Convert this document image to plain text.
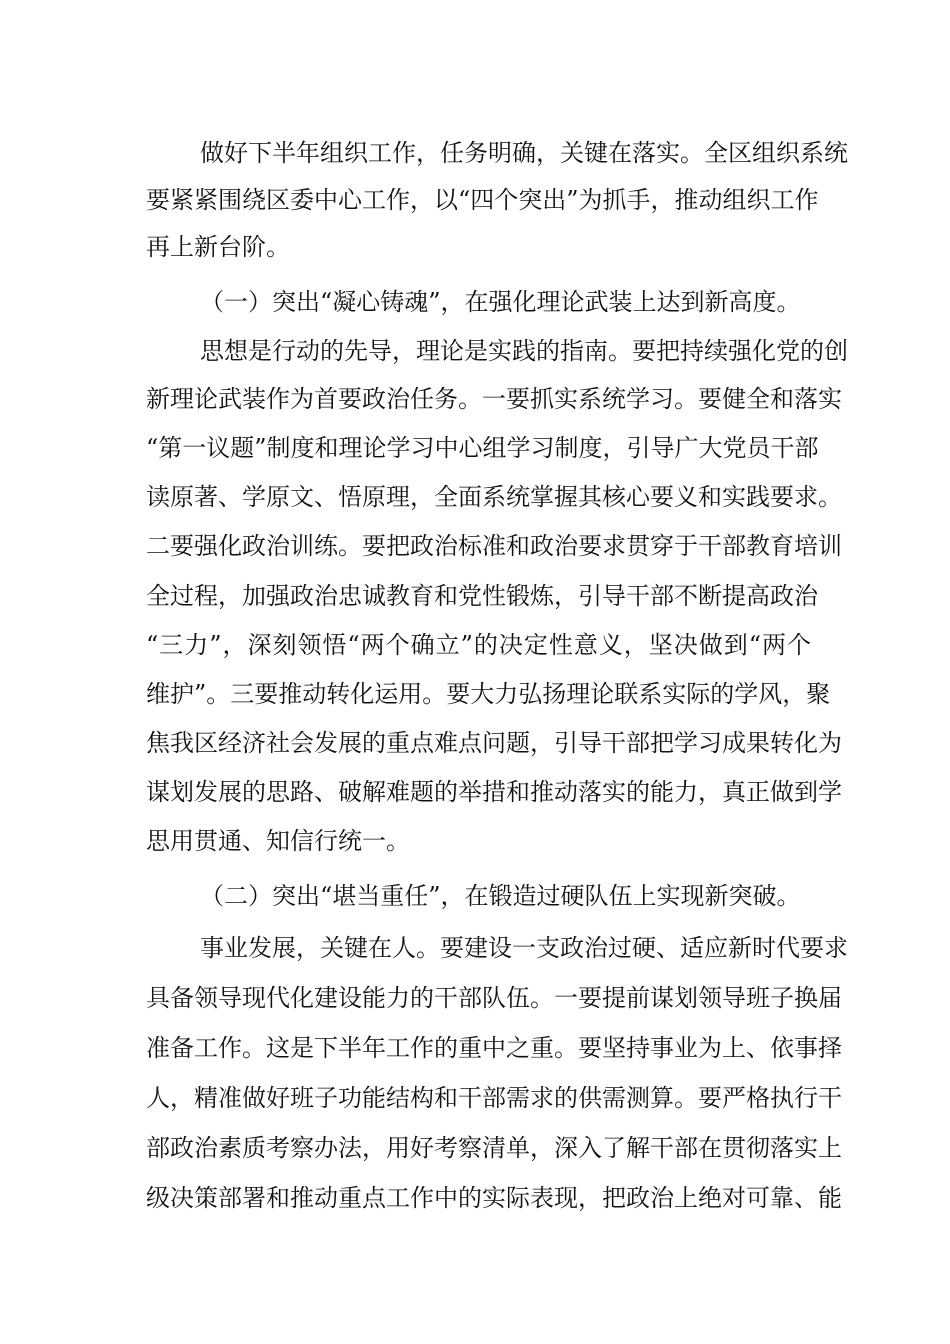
做好下半年组织工作，任务明确，关键在落实。全区组织系统
要紧紧围绕区委中心工作，以“四个突出”为抓手，推动组织工作
再上新台阶。
（一）突出“凝心铸魂”，在强化理论武装上达到新高度。
思想是行动的先导，理论是实践的指南。要把持续强化党的创
新理论武装作为首要政治任务。一要抓实系统学习。要健全和落实
“第一议题”制度和理论学习中心组学习制度，引导广大党员干部
读原著、学原文、悟原理，全面系统掌握其核心要义和实践要求。
二要强化政治训练。要把政治标准和政治要求贯穿于干部教育培训
全过程，加强政治忠诚教育和党性锻炼，引导干部不断提高政治
“三力”，深刻领悟“两个确立”的决定性意义，坚决做到“两个
维护”。三要推动转化运用。要大力弘扬理论联系实际的学风，聚
焦我区经济社会发展的重点难点问题，引导干部把学习成果转化为
谋划发展的思路、破解难题的举措和推动落实的能力，真正做到学
思用贯通、知信行统一。
（二）突出“堪当重任”，在锻造过硬队伍上实现新突破。
事业发展，关键在人。要建设一支政治过硬、适应新时代要求
具备领导现代化建设能力的干部队伍。一要提前谋划领导班子换届
准备工作。这是下半年工作的重中之重。要坚持事业为上、依事择
人，精准做好班子功能结构和干部需求的供需测算。要严格执行干
部政治素质考察办法，用好考察清单，深入了解干部在贯彻落实上
级决策部署和推动重点工作中的实际表现，把政治上绝对可靠、能
